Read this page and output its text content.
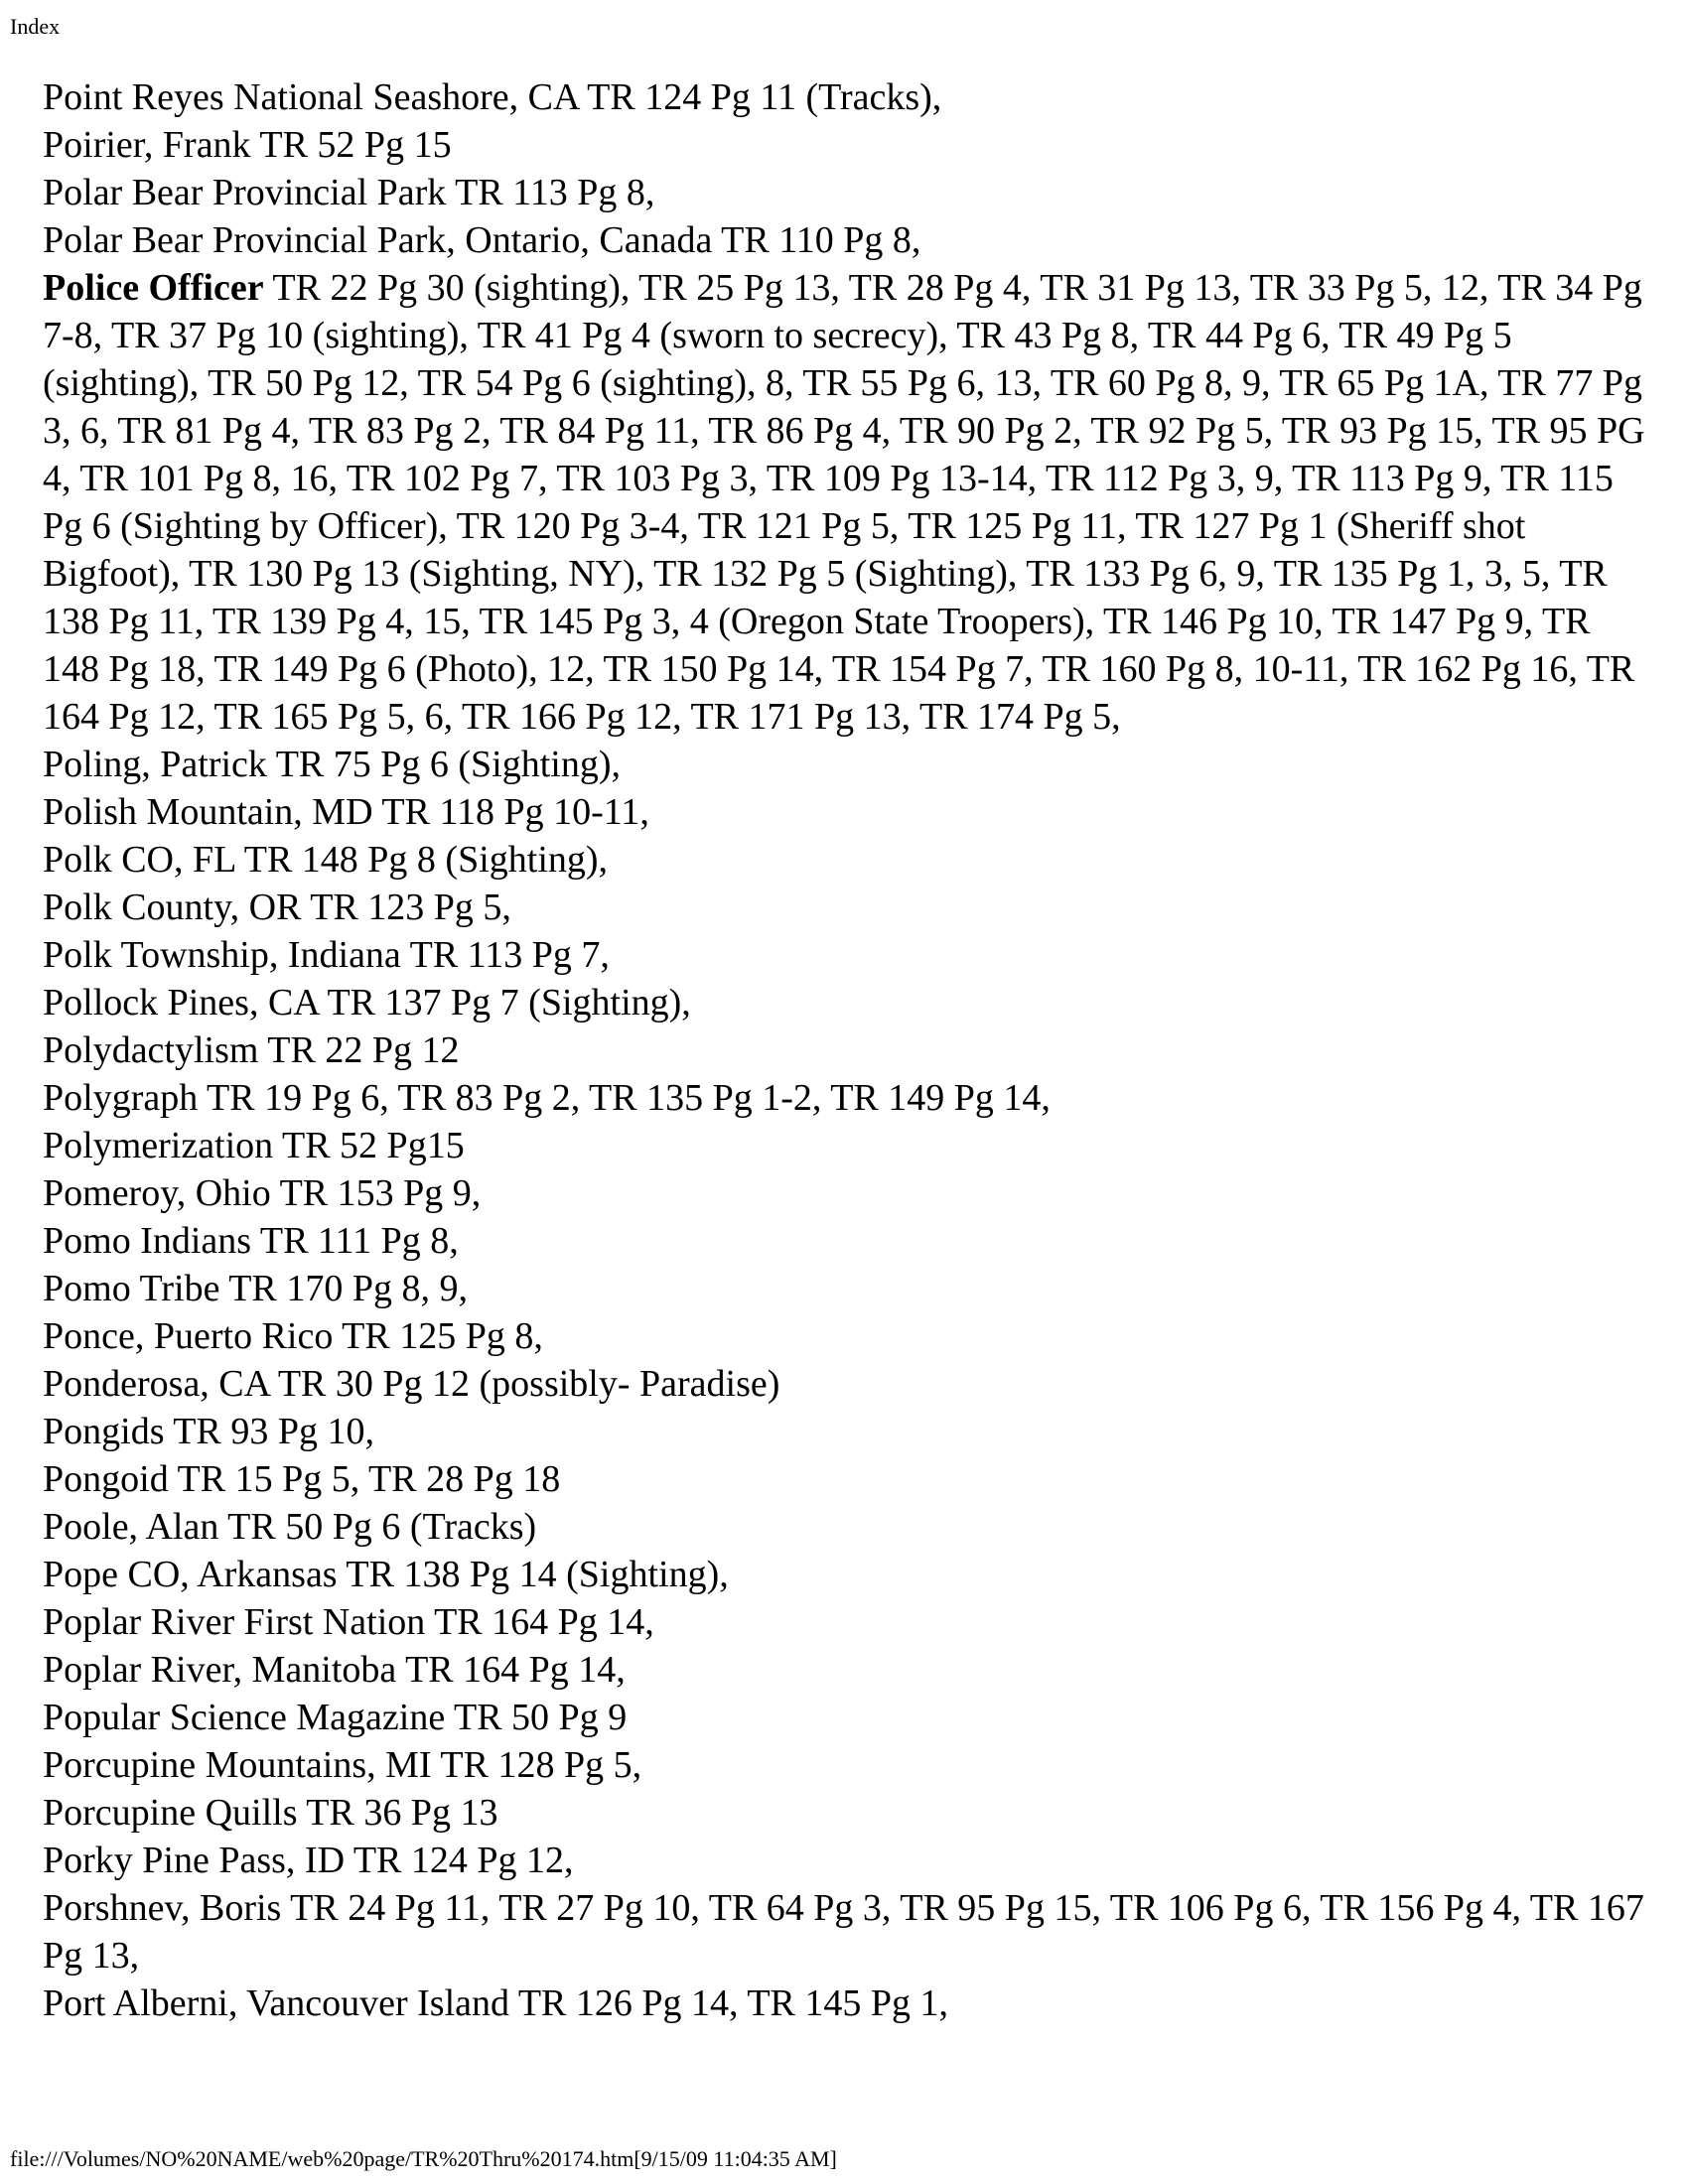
Index
Point Reyes National Seashore, CA TR 124 Pg 11 (Tracks),
Poirier, Frank TR 52 Pg 15
Polar Bear Provincial Park TR 113 Pg 8,
Polar Bear Provincial Park, Ontario, Canada TR 110 Pg 8,
Police Officer TR 22 Pg 30 (sighting), TR 25 Pg 13, TR 28 Pg 4, TR 31 Pg 13, TR 33 Pg 5, 12, TR 34 Pg 7-8, TR 37 Pg 10 (sighting), TR 41 Pg 4 (sworn to secrecy), TR 43 Pg 8, TR 44 Pg 6, TR 49 Pg 5 (sighting), TR 50 Pg 12, TR 54 Pg 6 (sighting), 8, TR 55 Pg 6, 13, TR 60 Pg 8, 9, TR 65 Pg 1A, TR 77 Pg 3, 6, TR 81 Pg 4, TR 83 Pg 2, TR 84 Pg 11, TR 86 Pg 4, TR 90 Pg 2, TR 92 Pg 5, TR 93 Pg 15, TR 95 PG 4, TR 101 Pg 8, 16, TR 102 Pg 7, TR 103 Pg 3, TR 109 Pg 13-14, TR 112 Pg 3, 9, TR 113 Pg 9, TR 115 Pg 6 (Sighting by Officer), TR 120 Pg 3-4, TR 121 Pg 5, TR 125 Pg 11, TR 127 Pg 1 (Sheriff shot Bigfoot), TR 130 Pg 13 (Sighting, NY), TR 132 Pg 5 (Sighting), TR 133 Pg 6, 9, TR 135 Pg 1, 3, 5, TR 138 Pg 11, TR 139 Pg 4, 15, TR 145 Pg 3, 4 (Oregon State Troopers), TR 146 Pg 10, TR 147 Pg 9, TR 148 Pg 18, TR 149 Pg 6 (Photo), 12, TR 150 Pg 14, TR 154 Pg 7, TR 160 Pg 8, 10-11, TR 162 Pg 16, TR 164 Pg 12, TR 165 Pg 5, 6, TR 166 Pg 12, TR 171 Pg 13, TR 174 Pg 5,
Poling, Patrick TR 75 Pg 6 (Sighting),
Polish Mountain, MD TR 118 Pg 10-11,
Polk CO, FL TR 148 Pg 8 (Sighting),
Polk County, OR TR 123 Pg 5,
Polk Township, Indiana TR 113 Pg 7,
Pollock Pines, CA TR 137 Pg 7 (Sighting),
Polydactylism TR 22 Pg 12
Polygraph TR 19 Pg 6, TR 83 Pg 2, TR 135 Pg 1-2, TR 149 Pg 14,
Polymerization TR 52 Pg15
Pomeroy, Ohio TR 153 Pg 9,
Pomo Indians TR 111 Pg 8,
Pomo Tribe TR 170 Pg 8, 9,
Ponce, Puerto Rico TR 125 Pg 8,
Ponderosa, CA TR 30 Pg 12 (possibly- Paradise)
Pongids TR 93 Pg 10,
Pongoid TR 15 Pg 5, TR 28 Pg 18
Poole, Alan TR 50 Pg 6 (Tracks)
Pope CO, Arkansas TR 138 Pg 14 (Sighting),
Poplar River First Nation TR 164 Pg 14,
Poplar River, Manitoba TR 164 Pg 14,
Popular Science Magazine TR 50 Pg 9
Porcupine Mountains, MI TR 128 Pg 5,
Porcupine Quills TR 36 Pg 13
Porky Pine Pass, ID TR 124 Pg 12,
Porshnev, Boris TR 24 Pg 11, TR 27 Pg 10, TR 64 Pg 3, TR 95 Pg 15, TR 106 Pg 6, TR 156 Pg 4, TR 167 Pg 13,
Port Alberni, Vancouver Island TR 126 Pg 14, TR 145 Pg 1,
file:///Volumes/NO%20NAME/web%20page/TR%20Thru%20174.htm[9/15/09 11:04:35 AM]
